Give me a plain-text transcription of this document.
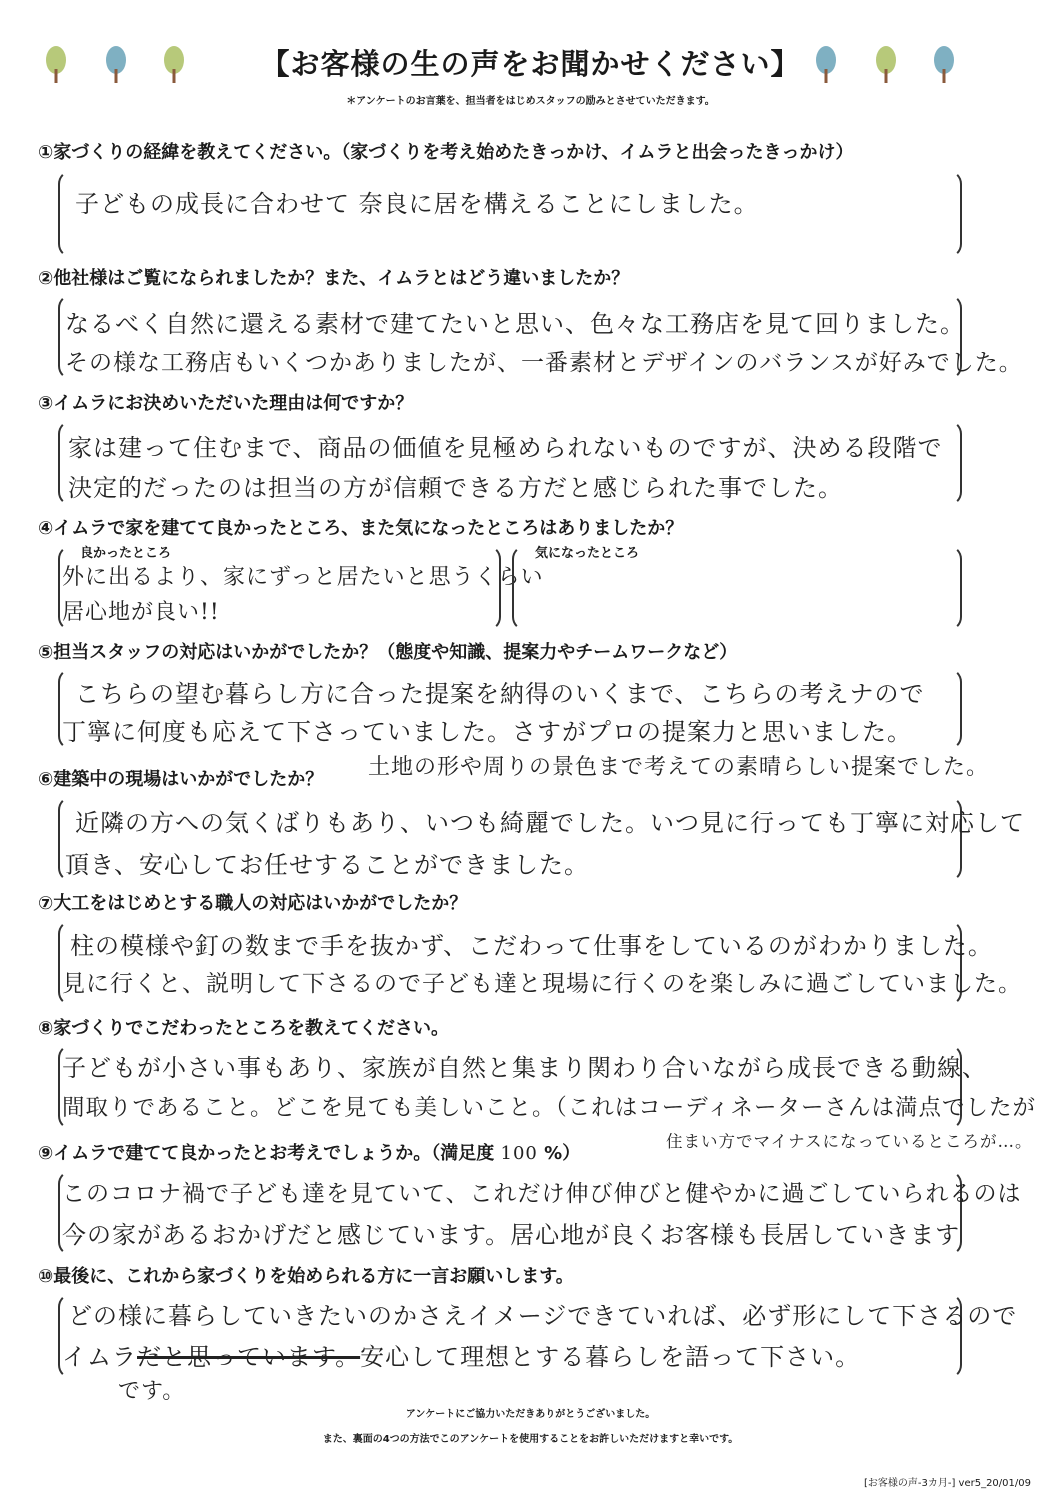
【お客様の生の声をお聞かせください】
＊アンケートのお言葉を、担当者をはじめスタッフの励みとさせていただきます。
①家づくりの経緯を教えてください。（家づくりを考え始めたきっかけ、イムラと出会ったきっかけ）
子どもの成長に合わせて 奈良に居を構えることにしました。
②他社様はご覧になられましたか？また、イムラとはどう違いましたか？
なるべく自然に還える素材で建てたいと思い、色々な工務店を見て回りました。
その様な工務店もいくつかありましたが、一番素材とデザインのバランスが好みでした。
③イムラにお決めいただいた理由は何ですか？
家は建って住むまで、商品の価値を見極められないものですが、決める段階で
決定的だったのは担当の方が信頼できる方だと感じられた事でした。
④イムラで家を建てて良かったところ、また気になったところはありましたか？
良かったところ
外に出るより、家にずっと居たいと思うくらい
居心地が良い!!
気になったところ
⑤担当スタッフの対応はいかがでしたか？（態度や知識、提案力やチームワークなど）
こちらの望む暮らし方に合った提案を納得のいくまで、こちらの考えナので
丁寧に何度も応えて下さっていました。さすがプロの提案力と思いました。
土地の形や周りの景色まで考えての素晴らしい提案でした。
⑥建築中の現場はいかがでしたか？
近隣の方への気くばりもあり、いつも綺麗でした。いつ見に行っても丁寧に対応して
頂き、安心してお任せすることができました。
⑦大工をはじめとする職人の対応はいかがでしたか？
柱の模様や釘の数まで手を抜かず、こだわって仕事をしているのがわかりました。
見に行くと、説明して下さるので子ども達と現場に行くのを楽しみに過ごしていました。
⑧家づくりでこだわったところを教えてください。
子どもが小さい事もあり、家族が自然と集まり関わり合いながら成長できる動線、
間取りであること。どこを見ても美しいこと。（これはコーディネーターさんは満点でしたが
住まい方でマイナスになっているところが…。
⑨イムラで建てて良かったとお考えでしょうか。（満足度 100 %）
このコロナ禍で子ども達を見ていて、これだけ伸び伸びと健やかに過ごしていられるのは
今の家があるおかげだと感じています。居心地が良くお客様も長居していきます
⑩最後に、これから家づくりを始められる方に一言お願いします。
どの様に暮らしていきたいのかさえイメージできていれば、必ず形にして下さるので
イムラだと思っています。安心して理想とする暮らしを語って下さい。
です。
アンケートにご協力いただきありがとうございました。
また、裏面の4つの方法でこのアンケートを使用することをお許しいただけますと幸いです。
[お客様の声-3カ月-] ver5_20/01/09
